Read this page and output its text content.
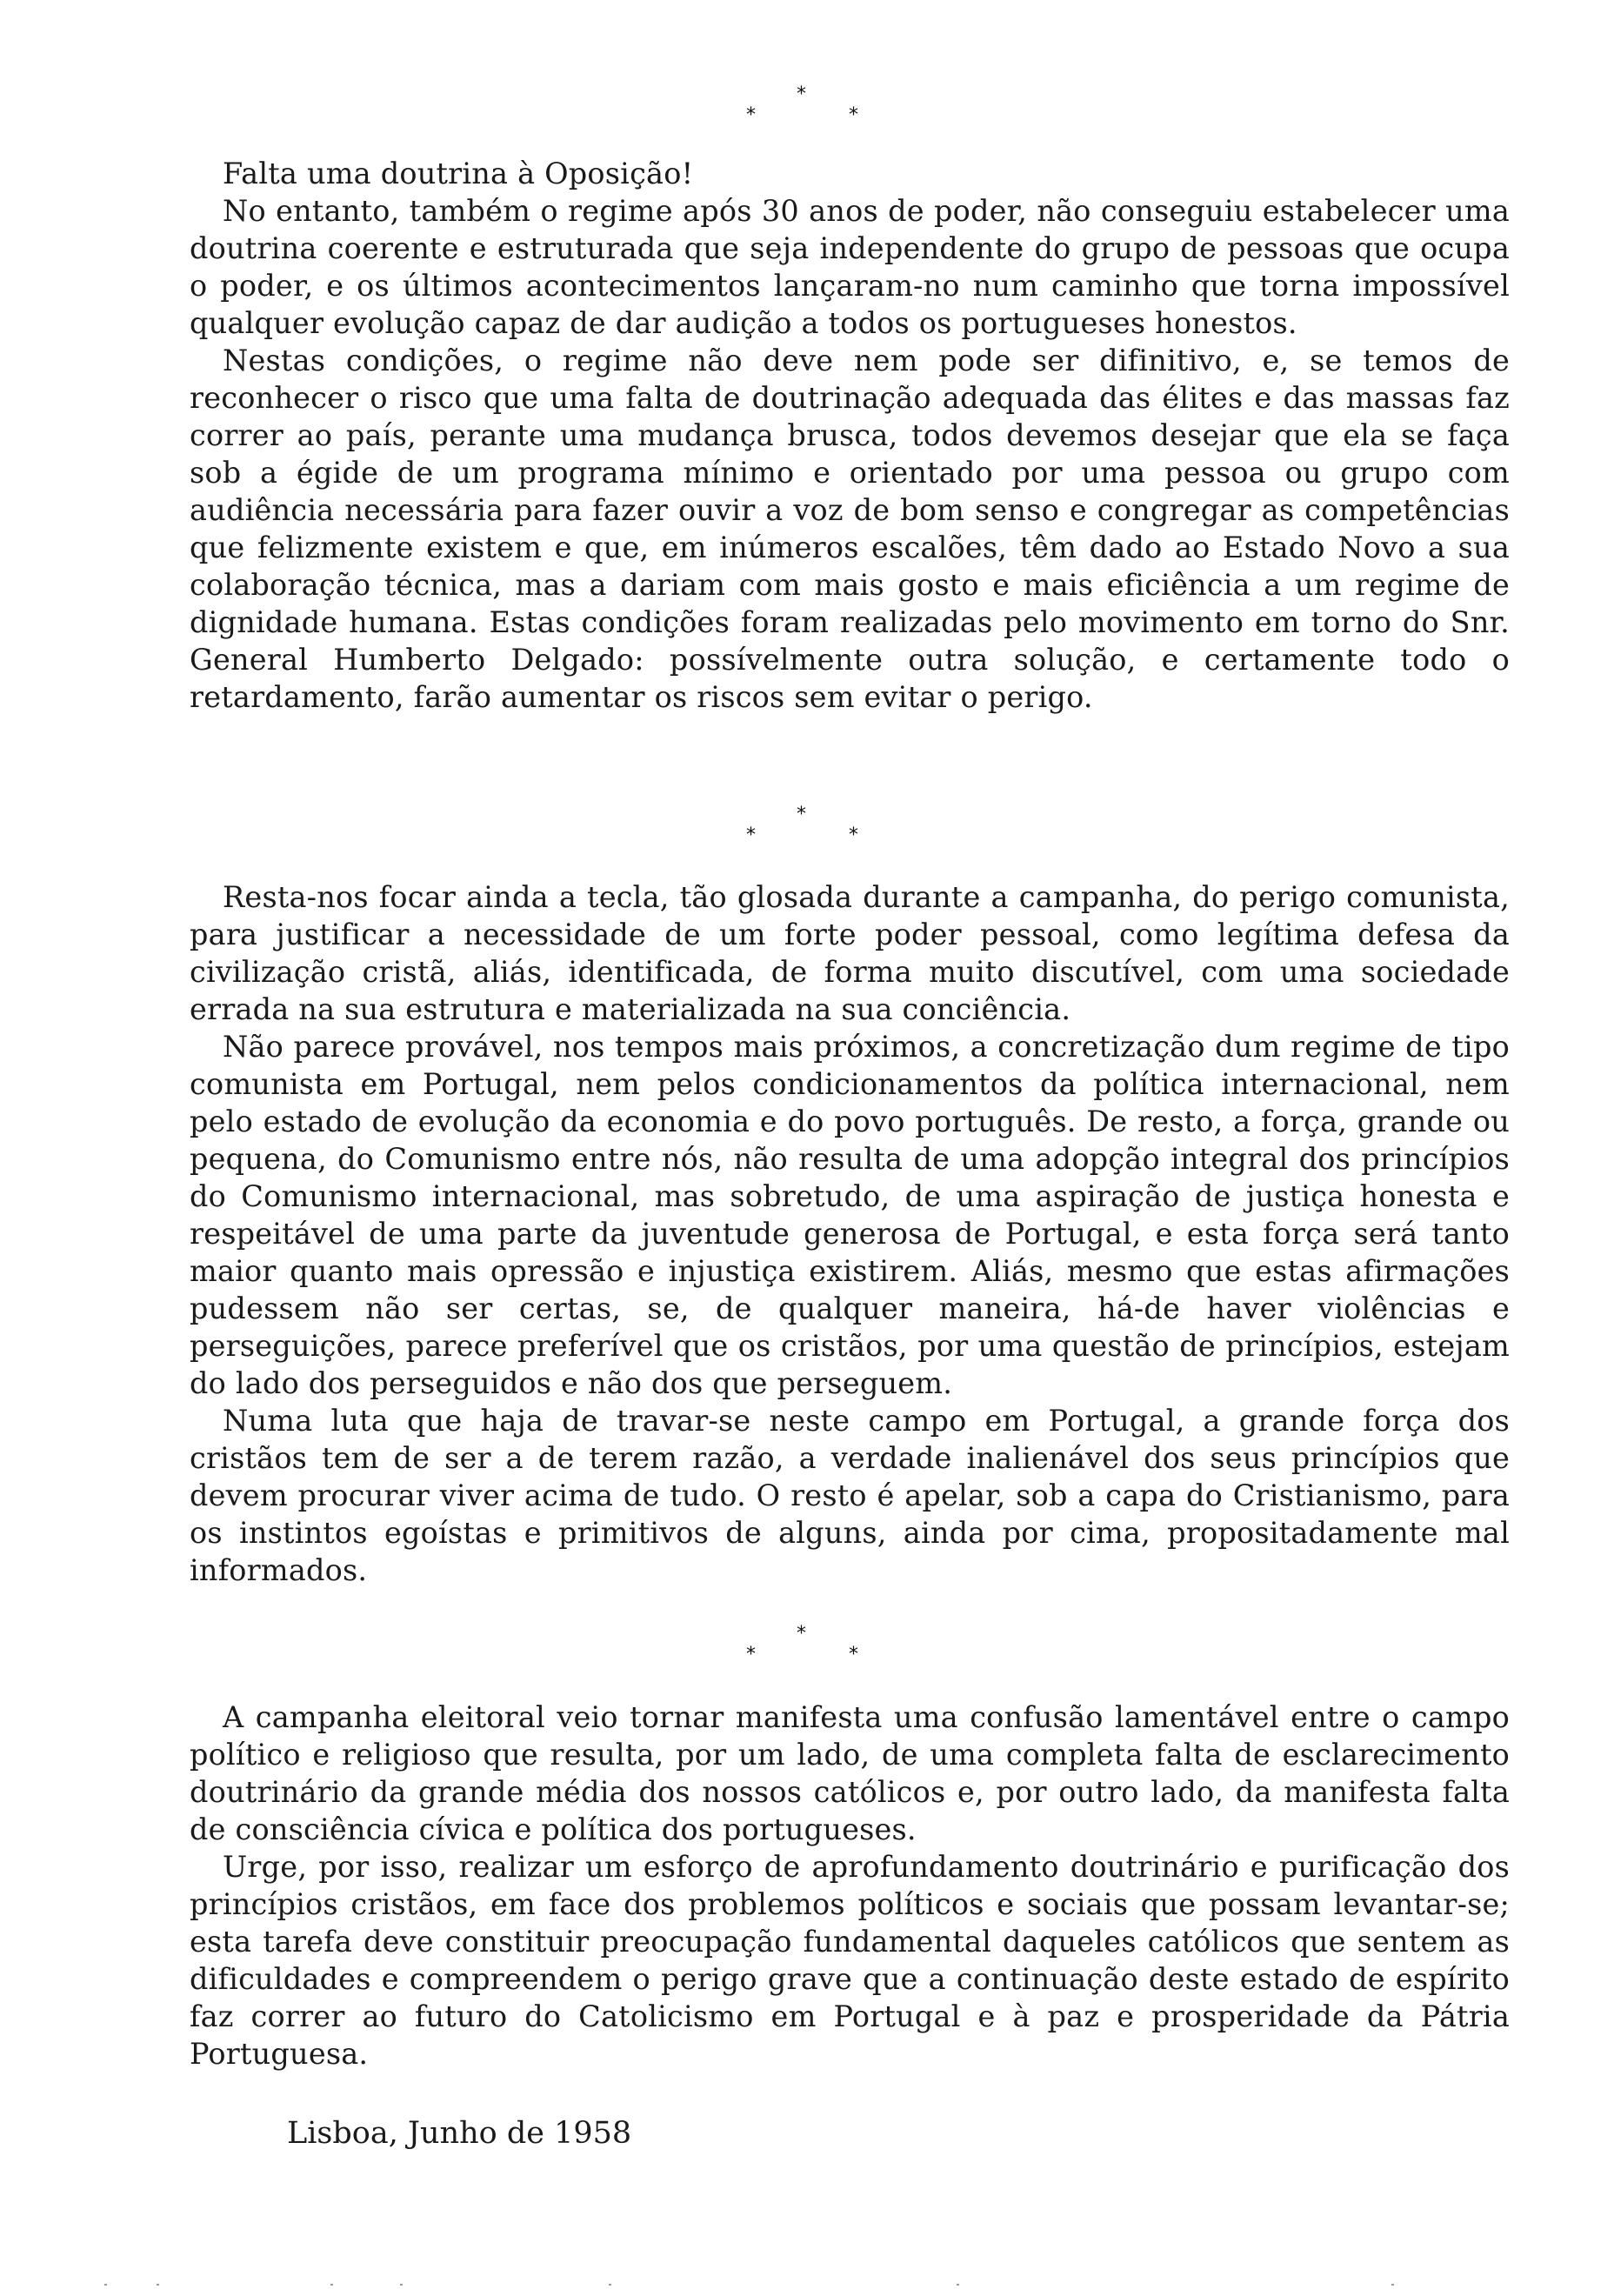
*
*	*

Falta uma doutrina à Oposição!

No entanto, também o regime após 30 anos de poder, não conseguiu estabelecer uma doutrina coerente e estruturada que seja independente do grupo de pessoas que ocupa o poder, e os últimos acontecimentos lançaram-no num caminho que torna impossível qualquer evolução capaz de dar audição a todos os portugueses honestos.

Nestas condições, o regime não deve nem pode ser difinitivo, e, se temos de reconhecer o risco que uma falta de doutrinação adequada das élites e das massas faz correr ao país, perante uma mudança brusca, todos devemos desejar que ela se faça sob a égide de um programa mínimo e orientado por uma pessoa ou grupo com audiência necessária para fazer ouvir a voz de bom senso e congregar as competências que felizmente existem e que, em inúmeros escalões, têm dado ao Estado Novo a sua colaboração técnica, mas a dariam com mais gosto e mais eficiência a um regime de dignidade humana. Estas condições foram realizadas pelo movimento em torno do Snr. General Humberto Delgado: possívelmente outra solução, e certamente todo o retardamento, farão aumentar os riscos sem evitar o perigo.

*
*	*

Resta-nos focar ainda a tecla, tão glosada durante a campanha, do perigo comunista, para justificar a necessidade de um forte poder pessoal, como legítima defesa da civilização cristã, aliás, identificada, de forma muito discutível, com uma sociedade errada na sua estrutura e materializada na sua conciência.

Não parece provável, nos tempos mais próximos, a concretização dum regime de tipo comunista em Portugal, nem pelos condicionamentos da política internacional, nem pelo estado de evolução da economia e do povo português. De resto, a força, grande ou pequena, do Comunismo entre nós, não resulta de uma adopção integral dos princípios do Comunismo internacional, mas sobretudo, de uma aspiração de justiça honesta e respeitável de uma parte da juventude generosa de Portugal, e esta força será tanto maior quanto mais opressão e injustiça existirem. Aliás, mesmo que estas afirmações pudessem não ser certas, se, de qualquer maneira, há-de haver violências e perseguições, parece preferível que os cristãos, por uma questão de princípios, estejam do lado dos perseguidos e não dos que perseguem.

Numa luta que haja de travar-se neste campo em Portugal, a grande força dos cristãos tem de ser a de terem razão, a verdade inalienável dos seus princípios que devem procurar viver acima de tudo. O resto é apelar, sob a capa do Cristianismo, para os instintos egoístas e primitivos de alguns, ainda por cima, propositadamente mal informados.

*
*	*

A campanha eleitoral veio tornar manifesta uma confusão lamentável entre o campo político e religioso que resulta, por um lado, de uma completa falta de esclarecimento doutrinário da grande média dos nossos católicos e, por outro lado, da manifesta falta de consciência cívica e política dos portugueses.

Urge, por isso, realizar um esforço de aprofundamento doutrinário e purificação dos princípios cristãos, em face dos problemos políticos e sociais que possam levantar-se; esta tarefa deve constituir preocupação fundamental daqueles católicos que sentem as dificuldades e compreendem o perigo grave que a continuação deste estado de espírito faz correr ao futuro do Catolicismo em Portugal e à paz e prosperidade da Pátria Portuguesa.

Lisboa, Junho de 1958
